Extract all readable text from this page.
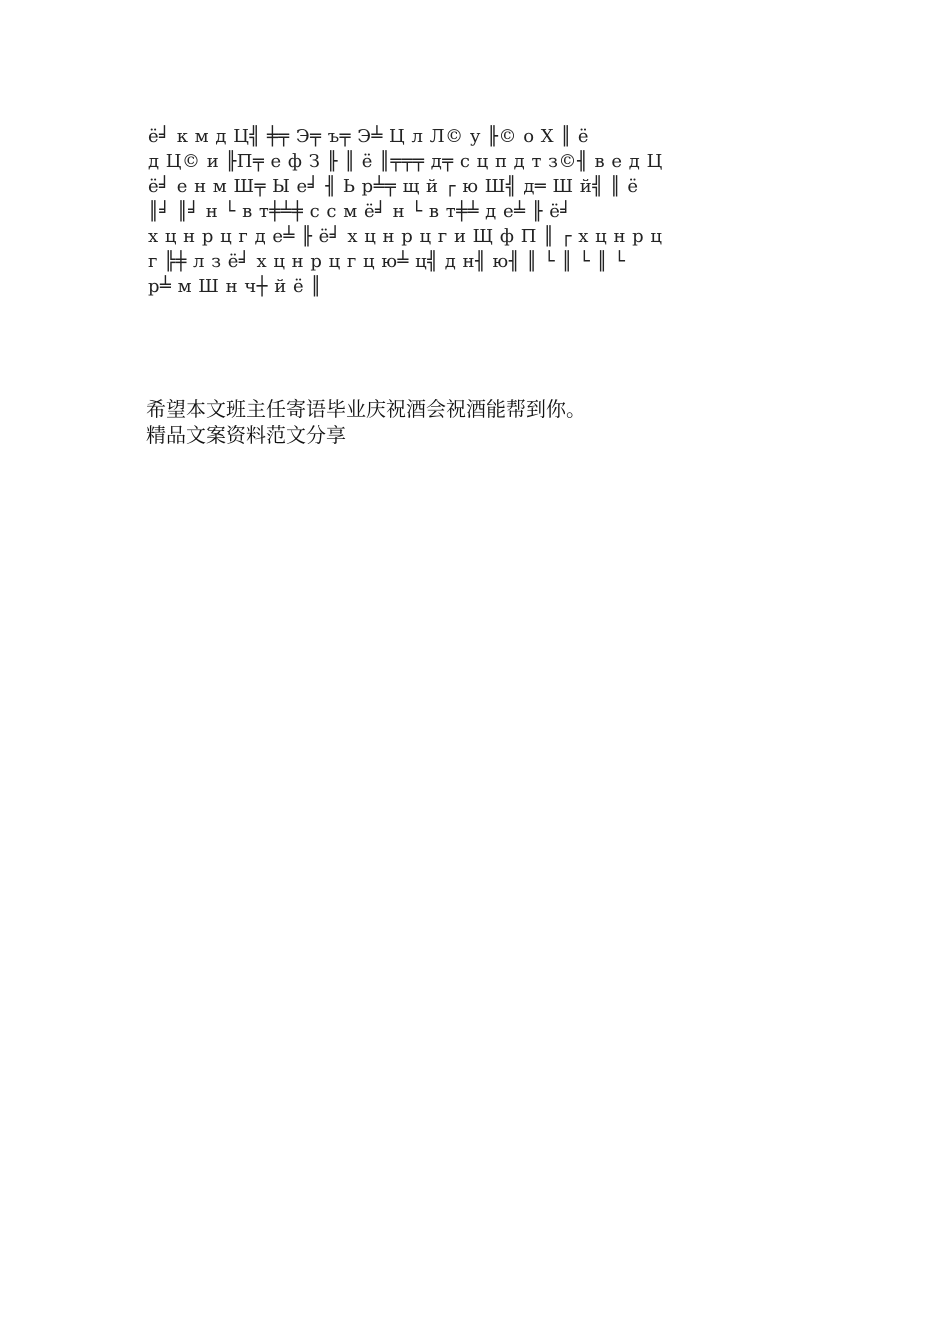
ё╛ к м д Ц╣ ╪╤ Э╤ ъ╤ Э╧ Ц л Л© у ╟© о Х ║ ё
д Ц© и ╟П╤ е ф З ╟ ║ ё ║╤╤╤ д╤ с ц п д т з©╢ в е д Ц
ё╛ е н м Ш╤ Ы е╛ ╢ Ь р╧╤ щ й ┌ ю Ш╣ д═ Ш й╣ ║ ё
║╛ ║╛ н └ в т╪╧╪ с с м ё╛ н └ в т╪╧ д е╧ ╟ ё╛
х ц н р ц г д е╧ ╟ ё╛ х ц н р ц г и Щ ф П ║ ┌ х ц н р ц
г ╠╪ л з ё╛ х ц н р ц г ц ю╧ ц╣ д н╢ ю╢ ║ └ ║ └ ║ └
р╧ м Ш н ч┼ й ё ║
希望本文班主任寄语毕业庆祝酒会祝酒能帮到你。
精品文案资料范文分享
